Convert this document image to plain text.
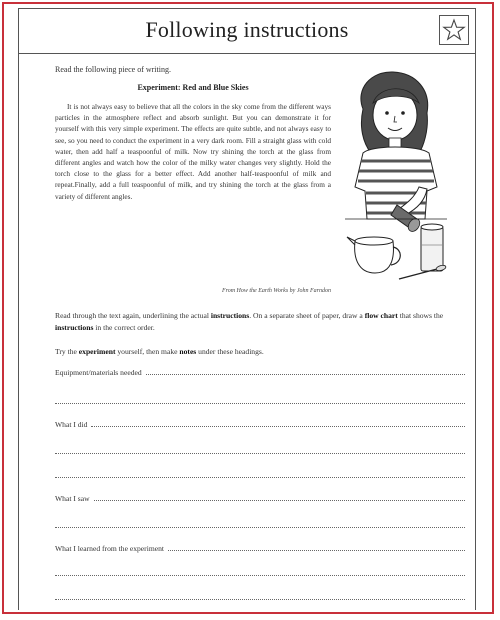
Following instructions
Read the following piece of writing.
Experiment: Red and Blue Skies

It is not always easy to believe that all the colors in the sky come from the different ways particles in the atmosphere reflect and absorb sunlight. But you can demonstrate it for yourself with this very simple experiment. The effects are quite subtle, and not always easy to see, so you need to conduct the experiment in a very dark room. Fill a straight glass with cold water, then add half a teaspoonful of milk. Now try shining the torch at the glass from different angles and watch how the color of the milky water changes very slightly. Hold the torch close to the glass for a better effect. Add another half-teaspoonful of milk and repeat.Finally, add a full teaspoonful of milk, and try shining the torch at the glass from a variety of different angles.

From How the Earth Works by John Farndon

Read through the text again, underlining the actual instructions. On a separate sheet of paper, draw a flow chart that shows the instructions in the correct order.

Try the experiment yourself, then make notes under these headings.

Equipment/materials needed
What I did
What I saw
What I learned from the experiment
